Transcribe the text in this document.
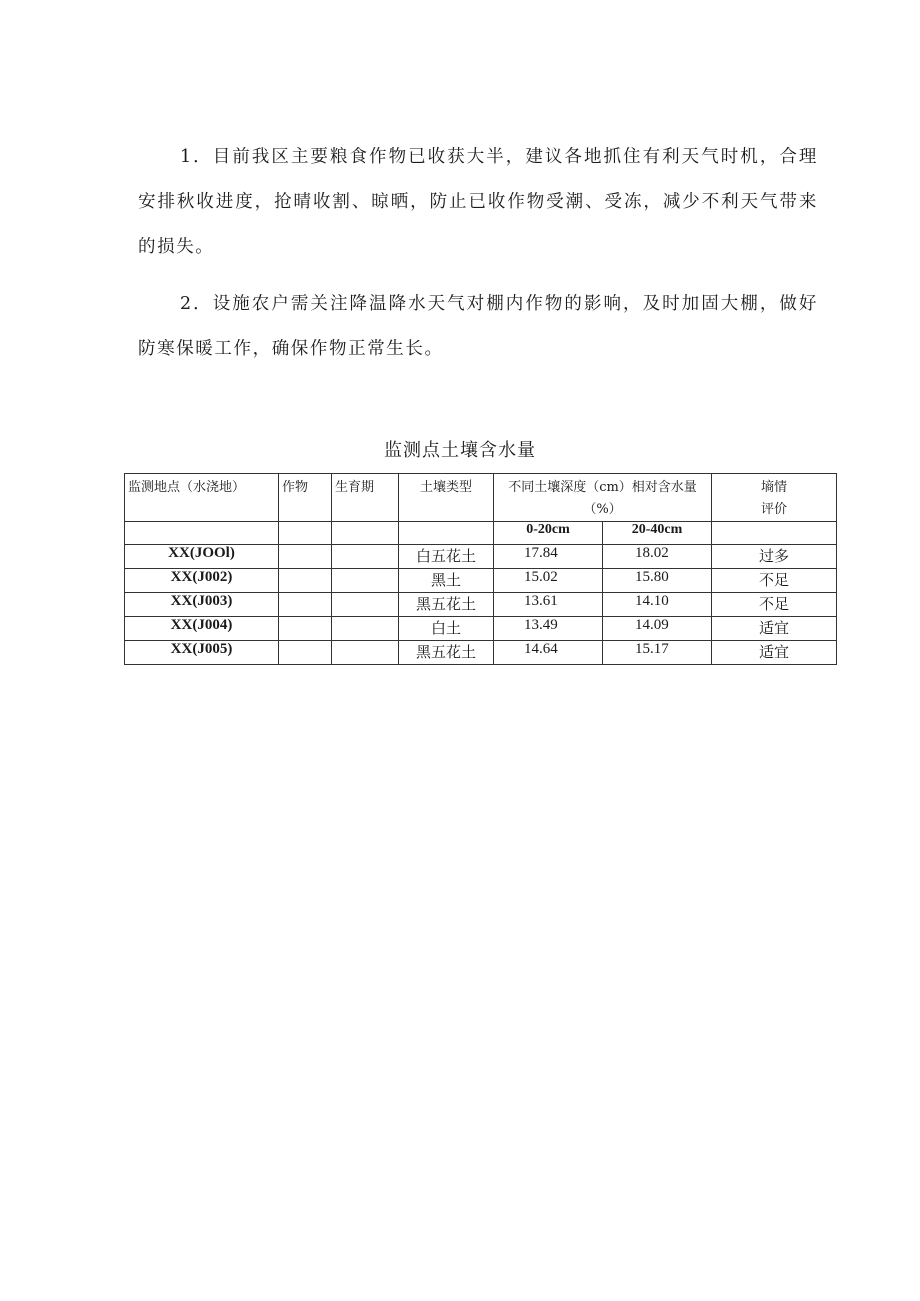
1．目前我区主要粮食作物已收获大半，建议各地抓住有利天气时机，合理安排秋收进度，抢晴收割、晾晒，防止已收作物受潮、受冻，减少不利天气带来的损失。

2．设施农户需关注降温降水天气对棚内作物的影响，及时加固大棚，做好防寒保暖工作，确保作物正常生长。

监测点土壤含水量

监测地点（水浇地）	作物	生育期	土壤类型	不同土壤深度（cm）相对含水量（%）		墒情
评价

				0-20cm	20-40cm	
XX(JOOl)			白五花土	17.84	18.02	过多
XX(J002)			黑土	15.02	15.80	不足
XX(J003)			黑五花土	13.61	14.10	不足
XX(J004)			白土	13.49	14.09	适宜
XX(J005)			黑五花土	14.64	15.17	适宜
